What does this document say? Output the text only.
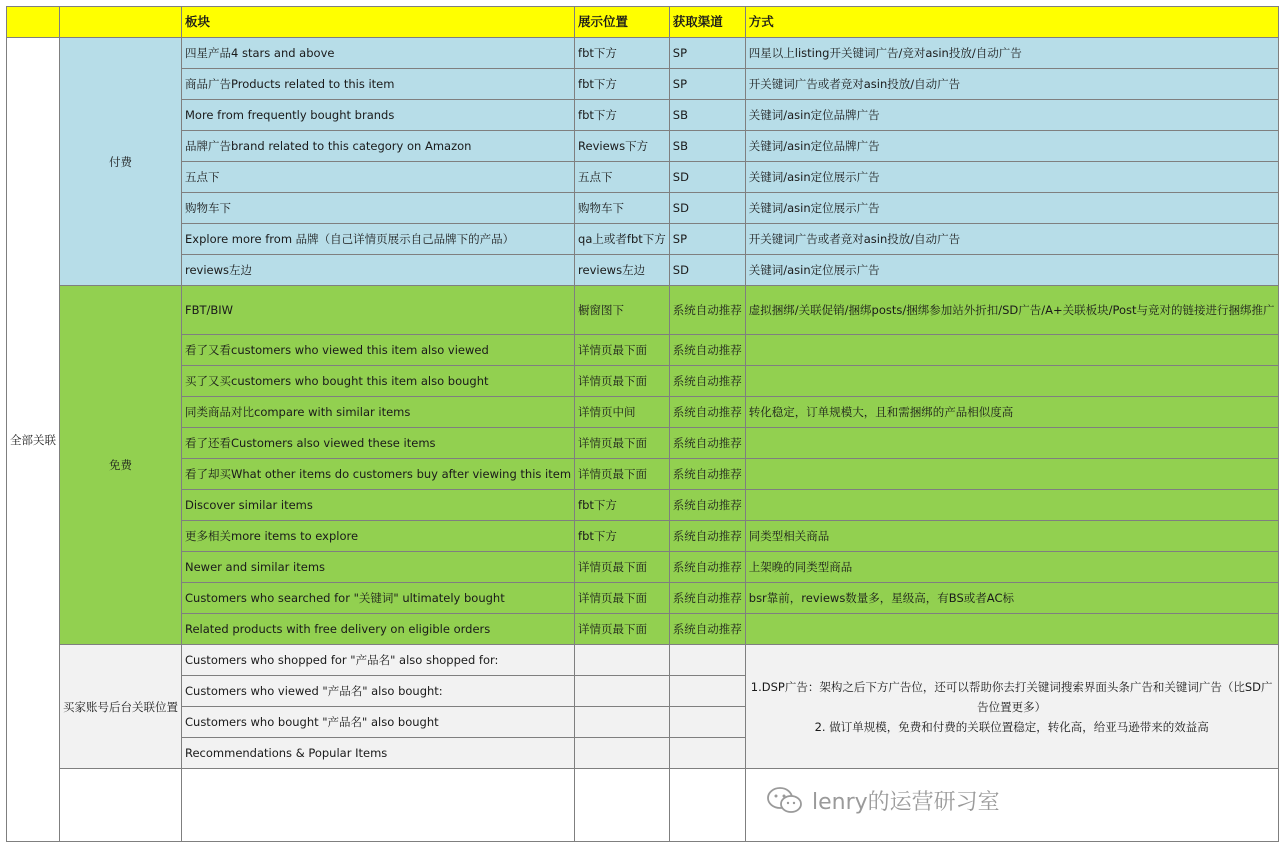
		板块	展示位置	获取渠道	方式
全部关联	付费	四星产品4 stars and above	fbt下方	SP	四星以上listing开关键词广告/竞对asin投放/自动广告
		商品广告Products related to this item	fbt下方	SP	开关键词广告或者竞对asin投放/自动广告
		More from frequently bought brands	fbt下方	SB	关键词/asin定位品牌广告
		品牌广告brand related to this category on Amazon	Reviews下方	SB	关键词/asin定位品牌广告
		五点下	五点下	SD	关键词/asin定位展示广告
		购物车下	购物车下	SD	关键词/asin定位展示广告
		Explore more from 品牌（自己详情页展示自己品牌下的产品）	qa上或者fbt下方	SP	开关键词广告或者竞对asin投放/自动广告
		reviews左边	reviews左边	SD	关键词/asin定位展示广告
	免费	FBT/BIW	橱窗图下	系统自动推荐	虚拟捆绑/关联促销/捆绑posts/捆绑参加站外折扣/SD广告/A+关联板块/Post与竞对的链接进行捆绑推广
		看了又看customers who viewed this item also viewed	详情页最下面	系统自动推荐	
		买了又买customers who bought this item also bought	详情页最下面	系统自动推荐	
		同类商品对比compare with similar items	详情页中间	系统自动推荐	转化稳定，订单规模大，且和需捆绑的产品相似度高
		看了还看Customers also viewed these items	详情页最下面	系统自动推荐	
		看了却买What other items do customers buy after viewing this item	详情页最下面	系统自动推荐	
		Discover similar items	fbt下方	系统自动推荐	
		更多相关more items to explore	fbt下方	系统自动推荐	同类型相关商品
		Newer and similar items	详情页最下面	系统自动推荐	上架晚的同类型商品
		Customers who searched for "关键词" ultimately bought	详情页最下面	系统自动推荐	bsr靠前，reviews数量多，星级高，有BS或者AC标
		Related products with free delivery on eligible orders	详情页最下面	系统自动推荐	
	买家账号后台关联位置	Customers who shopped for "产品名" also shopped for:			1.DSP广告：架构之后下方广告位，还可以帮助你去打关键词搜索界面头条广告和关键词广告（比SD广告位置更多）
2. 做订单规模，免费和付费的关联位置稳定，转化高，给亚马逊带来的效益高
		Customers who viewed "产品名" also bought:			
		Customers who bought "产品名" also bought			
		Recommendations & Popular Items			

lenry的运营研习室
